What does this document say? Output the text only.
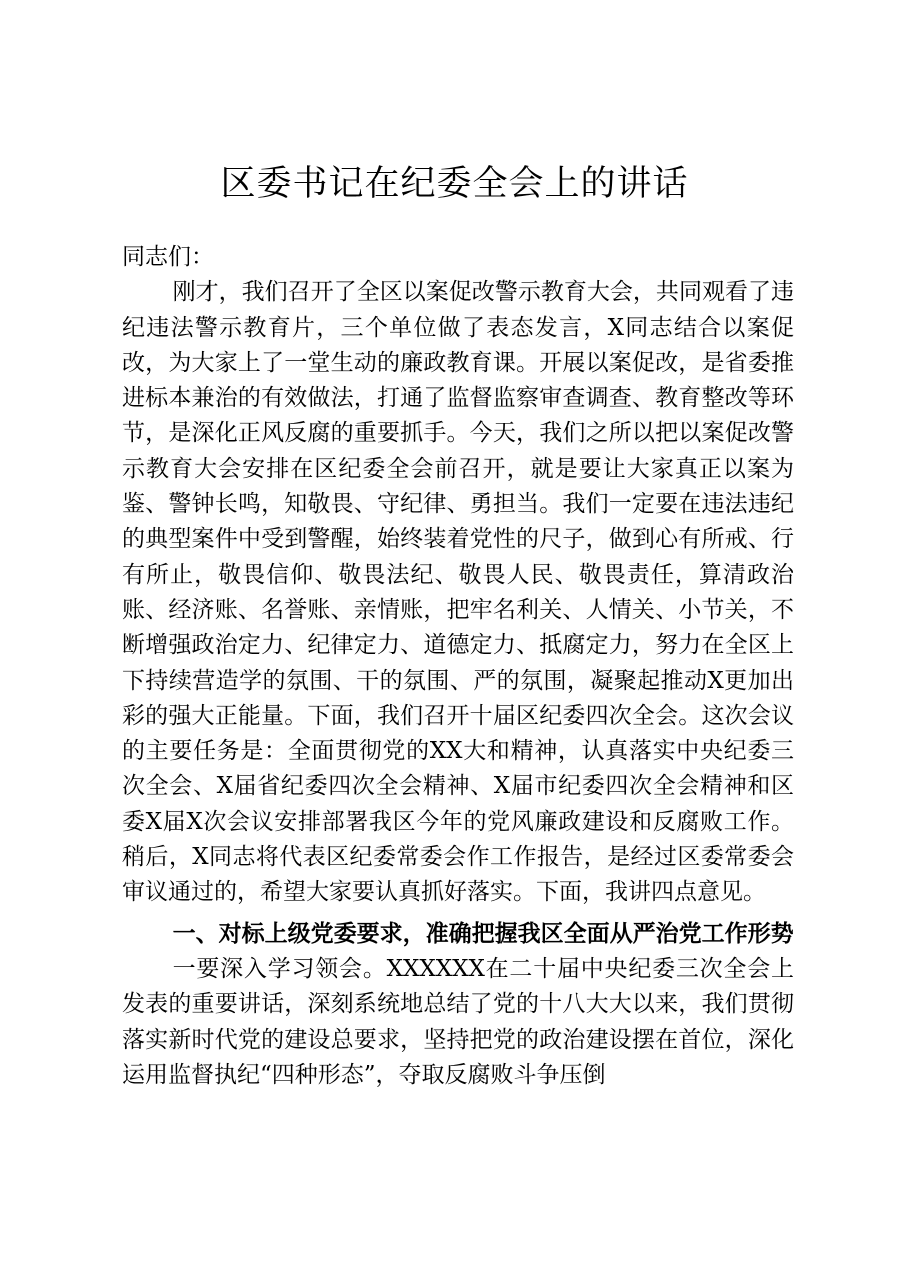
区委书记在纪委全会上的讲话

同志们：

刚才，我们召开了全区以案促改警示教育大会，共同观看了违纪违法警示教育片，三个单位做了表态发言，X同志结合以案促改，为大家上了一堂生动的廉政教育课。开展以案促改，是省委推进标本兼治的有效做法，打通了监督监察审查调查、教育整改等环节，是深化正风反腐的重要抓手。今天，我们之所以把以案促改警示教育大会安排在区纪委全会前召开，就是要让大家真正以案为鉴、警钟长鸣，知敬畏、守纪律、勇担当。我们一定要在违法违纪的典型案件中受到警醒，始终装着党性的尺子，做到心有所戒、行有所止，敬畏信仰、敬畏法纪、敬畏人民、敬畏责任，算清政治账、经济账、名誉账、亲情账，把牢名利关、人情关、小节关，不断增强政治定力、纪律定力、道德定力、抵腐定力，努力在全区上下持续营造学的氛围、干的氛围、严的氛围，凝聚起推动X更加出彩的强大正能量。下面，我们召开十届区纪委四次全会。这次会议的主要任务是：全面贯彻党的XX大和精神，认真落实中央纪委三次全会、X届省纪委四次全会精神、X届市纪委四次全会精神和区委X届X次会议安排部署我区今年的党风廉政建设和反腐败工作。稍后，X同志将代表区纪委常委会作工作报告，是经过区委常委会审议通过的，希望大家要认真抓好落实。下面，我讲四点意见。

一、对标上级党委要求，准确把握我区全面从严治党工作形势

一要深入学习领会。XXXXXX在二十届中央纪委三次全会上发表的重要讲话，深刻系统地总结了党的十八大大以来，我们贯彻落实新时代党的建设总要求，坚持把党的政治建设摆在首位，深化运用监督执纪“四种形态”，夺取反腐败斗争压倒
